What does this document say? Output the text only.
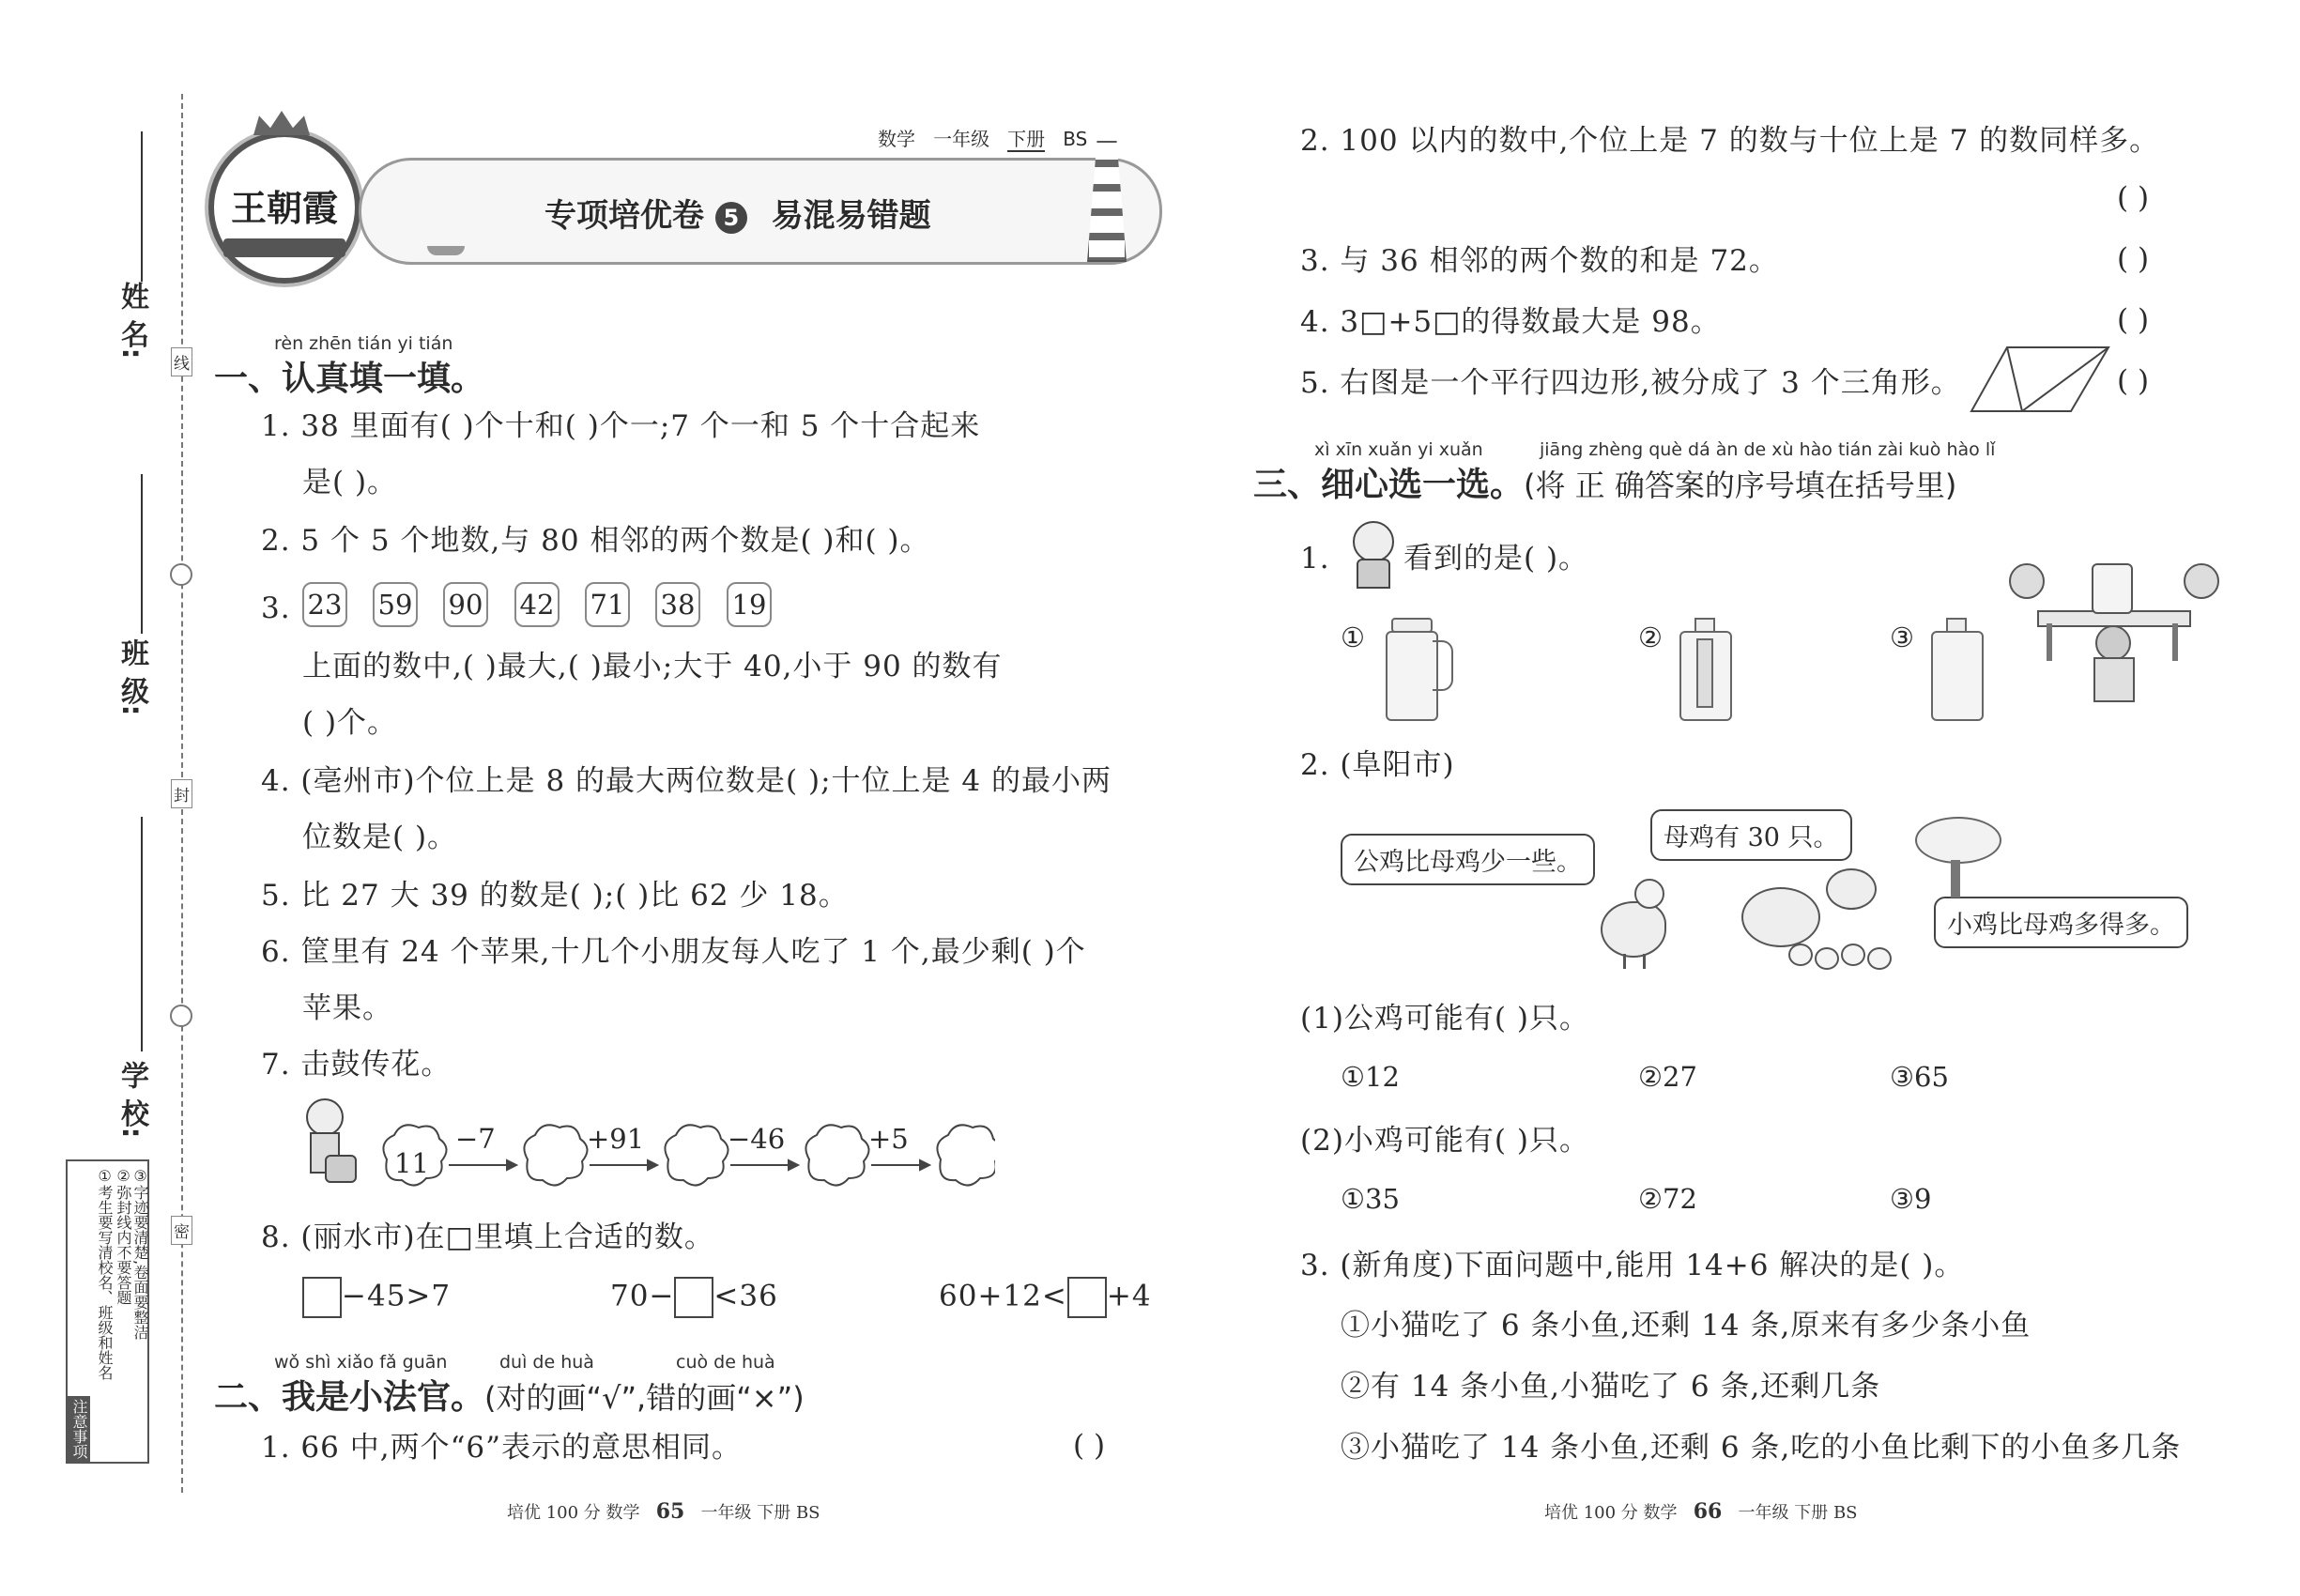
姓 名:
班 级:
学 校:
线
封
密
注意事项
①考生要写清校名、班级和姓名 ②弥封线内不要答题 ③字迹要清楚,卷面要整洁
王朝霞
数学 一年级 下册 BS
专项培优卷 5 易混易错题
rèn zhēn tián yi tián
一、认真填一填。
1. 38 里面有( )个十和( )个一;7 个一和 5 个十合起来
是( )。
2. 5 个 5 个地数,与 80 相邻的两个数是( )和( )。
3. 23 59 90 42 71 38 19
上面的数中,( )最大,( )最小;大于 40,小于 90 的数有
( )个。
4. (亳州市)个位上是 8 的最大两位数是( );十位上是 4 的最小两
位数是( )。
5. 比 27 大 39 的数是( );( )比 62 少 18。
6. 筐里有 24 个苹果,十几个小朋友每人吃了 1 个,最少剩( )个
苹果。
7. 击鼓传花。
11
−7	+91	−46	+5
8. (丽水市)在□里填上合适的数。
−45>7	70− <36	60+12< +4
wǒ shì xiǎo fǎ guān	duì de huà	cuò de huà
二、我是小法官。(对的画“√”,错的画“×”)
1. 66 中,两个“6”表示的意思相同。	( )
2. 100 以内的数中,个位上是 7 的数与十位上是 7 的数同样多。
( )
3. 与 36 相邻的两个数的和是 72。	( )
4. 3□+5□的得数最大是 98。	( )
5. 右图是一个平行四边形,被分成了 3 个三角形。	( )
xì xīn xuǎn yi xuǎn	jiāng zhèng què dá àn de xù hào tián zài kuò hào lǐ
三、细心选一选。(将 正 确答案的序号填在括号里)
1.	看到的是( )。
①	②	③
2. (阜阳市)
公鸡比母鸡少一些。
母鸡有 30 只。
小鸡比母鸡多得多。
(1)公鸡可能有( )只。
①12	②27	③65
(2)小鸡可能有( )只。
①35	②72	③9
3. (新角度)下面问题中,能用 14+6 解决的是( )。
①小猫吃了 6 条小鱼,还剩 14 条,原来有多少条小鱼
②有 14 条小鱼,小猫吃了 6 条,还剩几条
③小猫吃了 14 条小鱼,还剩 6 条,吃的小鱼比剩下的小鱼多几条
培优 100 分 数学 65 一年级 下册 BS	培优 100 分 数学 66 一年级 下册 BS
